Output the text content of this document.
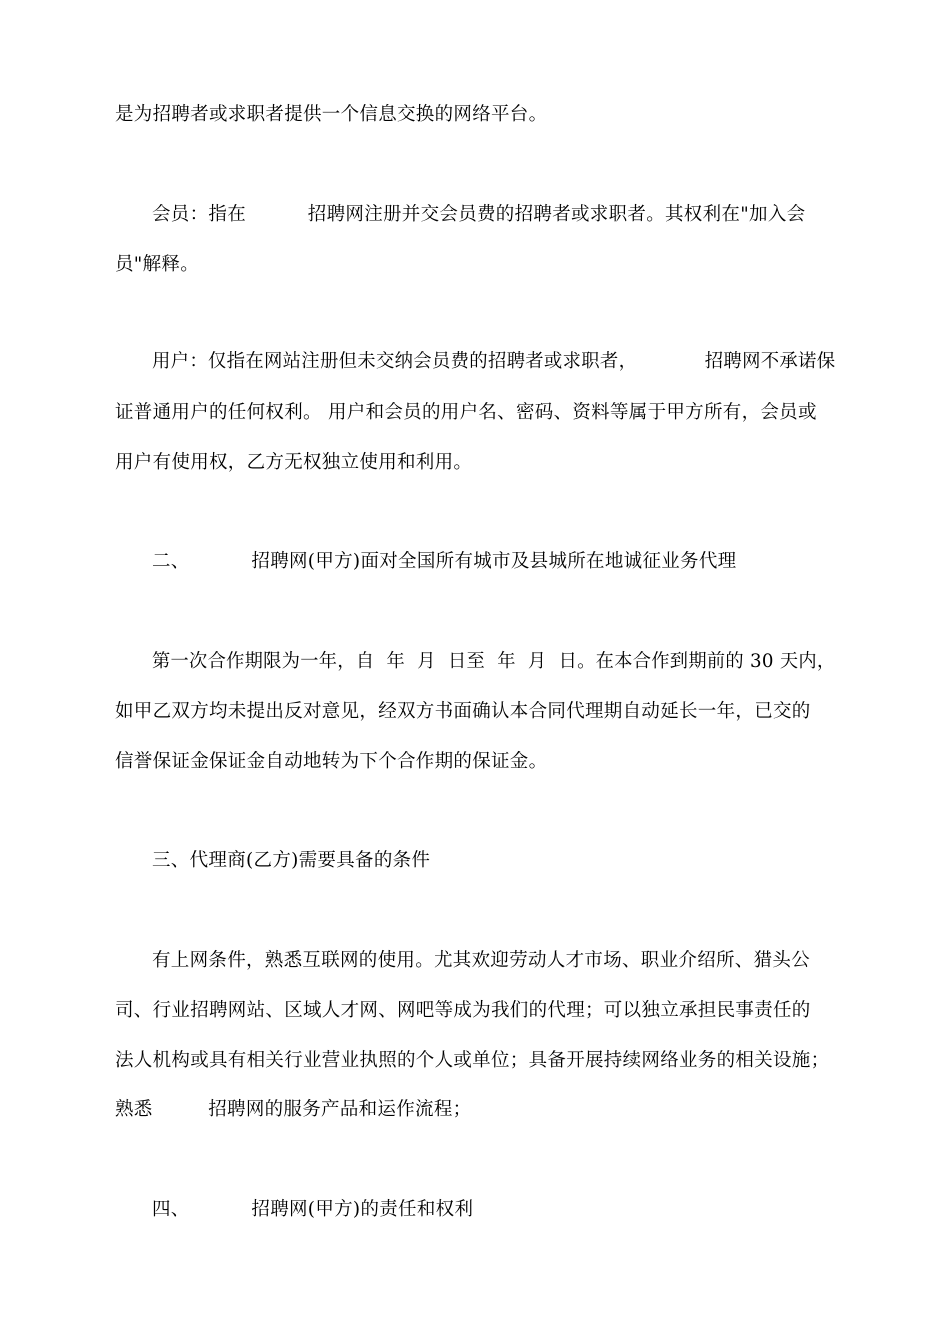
是为招聘者或求职者提供一个信息交换的网络平台。
会员：指在          招聘网注册并交会员费的招聘者或求职者。其权利在"加入会
员"解释。
用户：仅指在网站注册但未交纳会员费的招聘者或求职者，           招聘网不承诺保
证普通用户的任何权利。 用户和会员的用户名、密码、资料等属于甲方所有，会员或
用户有使用权，乙方无权独立使用和利用。
二、          招聘网(甲方)面对全国所有城市及县城所在地诚征业务代理
第一次合作期限为一年，自  年  月  日至  年  月  日。在本合作到期前的 30 天内，
如甲乙双方均未提出反对意见，经双方书面确认本合同代理期自动延长一年，已交的
信誉保证金保证金自动地转为下个合作期的保证金。
三、代理商(乙方)需要具备的条件
有上网条件，熟悉互联网的使用。尤其欢迎劳动人才市场、职业介绍所、猎头公
司、行业招聘网站、区域人才网、网吧等成为我们的代理；可以独立承担民事责任的
法人机构或具有相关行业营业执照的个人或单位；具备开展持续网络业务的相关设施；
熟悉         招聘网的服务产品和运作流程；
四、          招聘网(甲方)的责任和权利
